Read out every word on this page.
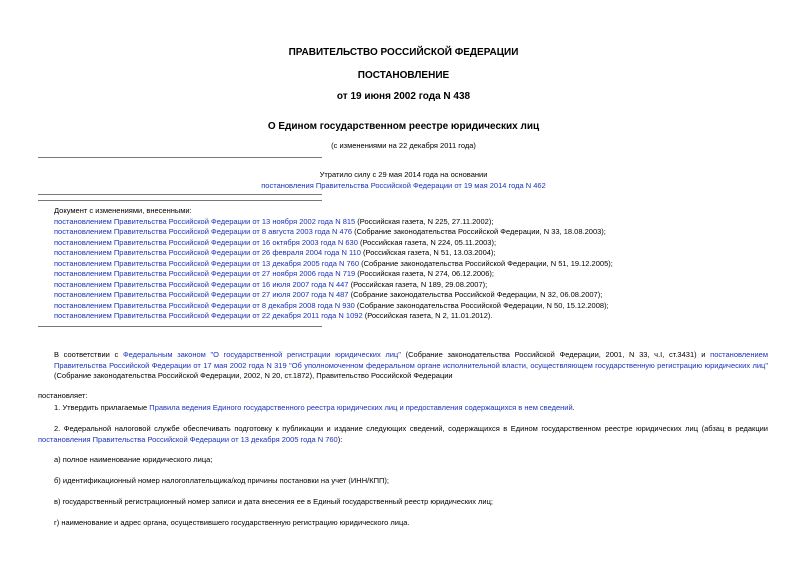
ПРАВИТЕЛЬСТВО РОССИЙСКОЙ ФЕДЕРАЦИИ
ПОСТАНОВЛЕНИЕ
от 19 июня 2002 года N 438
О Едином государственном реестре юридических лиц
(с изменениями на 22 декабря 2011 года)
Утратило силу с 29 мая 2014 года на основании
постановления Правительства Российской Федерации от 19 мая 2014 года N 462
Документ с изменениями, внесенными:
постановлением Правительства Российской Федерации от 13 ноября 2002 года N 815 (Российская газета, N 225, 27.11.2002);
постановлением Правительства Российской Федерации от 8 августа 2003 года N 476 (Собрание законодательства Российской Федерации, N 33, 18.08.2003);
постановлением Правительства Российской Федерации от 16 октября 2003 года N 630 (Российская газета, N 224, 05.11.2003);
постановлением Правительства Российской Федерации от 26 февраля 2004 года N 110 (Российская газета, N 51, 13.03.2004);
постановлением Правительства Российской Федерации от 13 декабря 2005 года N 760 (Собрание законодательства Российской Федерации, N 51, 19.12.2005);
постановлением Правительства Российской Федерации от 27 ноября 2006 года N 719 (Российская газета, N 274, 06.12.2006);
постановлением Правительства Российской Федерации от 16 июля 2007 года N 447 (Российская газета, N 189, 29.08.2007);
постановлением Правительства Российской Федерации от 27 июля 2007 года N 487 (Собрание законодательства Российской Федерации, N 32, 06.08.2007);
постановлением Правительства Российской Федерации от 8 декабря 2008 года N 930 (Собрание законодательства Российской Федерации, N 50, 15.12.2008);
постановлением Правительства Российской Федерации от 22 декабря 2011 года N 1092 (Российская газета, N 2, 11.01.2012).
В соответствии с Федеральным законом "О государственной регистрации юридических лиц" (Собрание законодательства Российской Федерации, 2001, N 33, ч.I, ст.3431) и постановлением Правительства Российской Федерации от 17 мая 2002 года N 319 "Об уполномоченном федеральном органе исполнительной власти, осуществляющем государственную регистрацию юридических лиц" (Собрание законодательства Российской Федерации, 2002, N 20, ст.1872), Правительство Российской Федерации
постановляет:
1. Утвердить прилагаемые Правила ведения Единого государственного реестра юридических лиц и предоставления содержащихся в нем сведений.
2. Федеральной налоговой службе обеспечивать подготовку к публикации и издание следующих сведений, содержащихся в Едином государственном реестре юридических лиц (абзац в редакции постановления Правительства Российской Федерации от 13 декабря 2005 года N 760):
а) полное наименование юридического лица;
б) идентификационный номер налогоплательщика/код причины постановки на учет (ИНН/КПП);
в) государственный регистрационный номер записи и дата внесения ее в Единый государственный реестр юридических лиц;
г) наименование и адрес органа, осуществившего государственную регистрацию юридического лица.
